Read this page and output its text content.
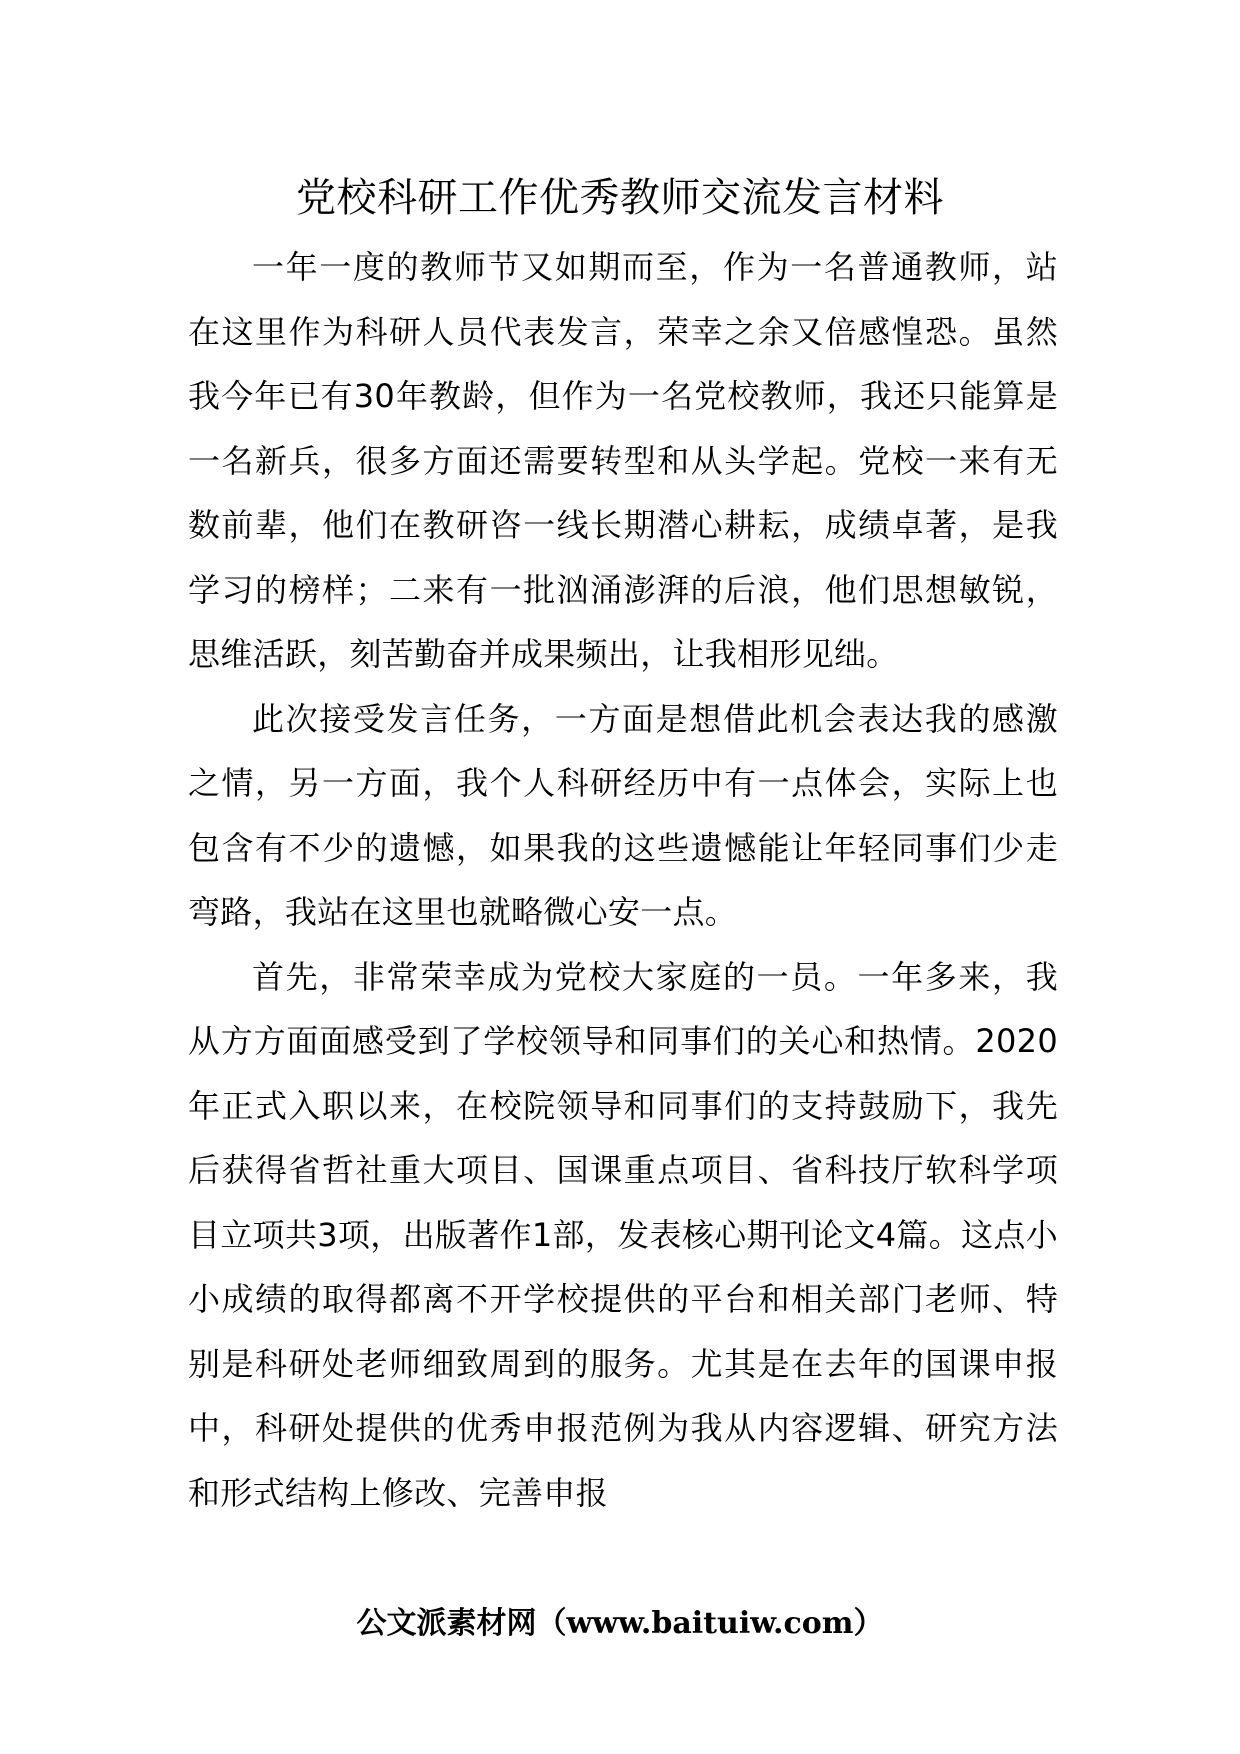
党校科研工作优秀教师交流发言材料

一年一度的教师节又如期而至，作为一名普通教师，站在这里作为科研人员代表发言，荣幸之余又倍感惶恐。虽然我今年已有30年教龄，但作为一名党校教师，我还只能算是一名新兵，很多方面还需要转型和从头学起。党校一来有无数前辈，他们在教研咨一线长期潜心耕耘，成绩卓著，是我学习的榜样；二来有一批汹涌澎湃的后浪，他们思想敏锐，思维活跃，刻苦勤奋并成果频出，让我相形见绌。

此次接受发言任务，一方面是想借此机会表达我的感激之情，另一方面，我个人科研经历中有一点体会，实际上也包含有不少的遗憾，如果我的这些遗憾能让年轻同事们少走弯路，我站在这里也就略微心安一点。

首先，非常荣幸成为党校大家庭的一员。一年多来，我从方方面面感受到了学校领导和同事们的关心和热情。2020年正式入职以来，在校院领导和同事们的支持鼓励下，我先后获得省哲社重大项目、国课重点项目、省科技厅软科学项目立项共3项，出版著作1部，发表核心期刊论文4篇。这点小小成绩的取得都离不开学校提供的平台和相关部门老师、特别是科研处老师细致周到的服务。尤其是在去年的国课申报中，科研处提供的优秀申报范例为我从内容逻辑、研究方法和形式结构上修改、完善申报

公文派素材网（www.baituiw.com）
